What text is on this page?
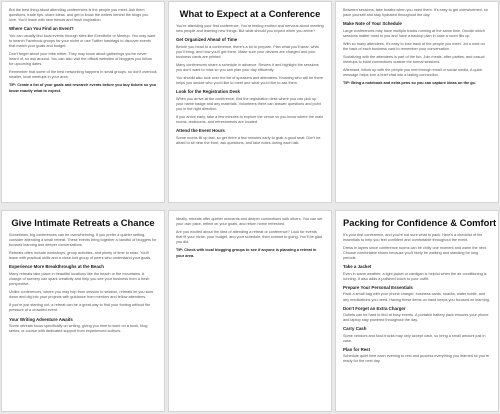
But the best thing about attending conferences is the people you meet. Ask them questions, trade tips, share ideas, and get to know the writers behind the blogs you love. You'll leave with new friends and fresh inspiration.
Where Can You Find an Event?
You can usually find local events through sites like Eventbrite or Meetup. You may want to search Facebook groups for your niche or use Twitter hashtags to discover events that match your goals and budget.
Don't forget about your tribe either. They may know about gatherings you've never heard of, so ask around. You can also visit the official websites of bloggers you follow for upcoming dates.
Remember that some of the best networking happens in small groups, so don't overlook smaller, local meetups in your area.
TIP: Create a list of your goals and research events before you buy tickets so you know exactly what to expect.
What to Expect at a Conference
You're attending your first conference. You're feeling excited and nervous about meeting new people and learning new things. But what should you expect when you arrive?
Get Organized Ahead of Time
Before you head to a conference, there's a lot to prepare. Plan what you'll wear, what you'll bring, and how you'll get there. Make sure your devices are charged and your business cards are printed.
Many conferences share a schedule in advance. Review it and highlight the sessions you don't want to miss so you can plan your day efficiently.
You should also look over the list of speakers and attendees. Knowing who will be there helps you decide who you'd like to meet and what you'd like to ask them.
Look for the Registration Desk
When you arrive at the conference, find the registration desk where you can pick up your name badge and any materials. Volunteers there can answer questions and point you in the right direction.
If you arrive early, take a few minutes to explore the venue so you know where the main rooms, restrooms, and refreshments are located.
Attend the Event Hours
Some rooms fill up fast, so get there a few minutes early to grab a good seat. Don't be afraid to sit near the front, ask questions, and take notes during each talk.
Between sessions, take breaks when you need them. It's easy to get overwhelmed, so pace yourself and stay hydrated throughout the day.
Make Note of Your Schedule
Large conferences may have multiple tracks running at the same time. Decide which sessions matter most to you and have a backup plan in case a room fills up.
With so many attendees, it's easy to lose track of the people you meet. Jot a note on the back of each business card to remember your conversation.
Socializing with the attendees is part of the fun. Join meals, after-parties, and casual meetups to build connections outside the formal sessions.
Afterward, follow up with the people you met through email or social media. A quick message helps turn a brief chat into a lasting connection.
TIP: Bring a notebook and extra pens so you can capture ideas on the go.
Give Intimate Retreats a Chance
Sometimes, big conferences can be overwhelming. If you prefer a quieter setting, consider attending a small retreat. These events bring together a handful of bloggers for focused learning and deeper conversations.
Retreats often include workshops, group activities, and plenty of time to relax. You'll leave with practical skills and a close-knit group of peers who understand your goals.
Experience More Breakthroughs at the Beach
Many retreats take place in beautiful locations like the beach or the mountains. A change of scenery can spark creativity and help you see your business from a fresh perspective.
Unlike conferences, where you may hop from session to session, retreats let you slow down and dig into your projects with guidance from mentors and fellow attendees.
If you're just starting out, a retreat can be a great way to find your footing without the pressure of a crowded event.
Your Writing Adventure Awaits
Some retreats focus specifically on writing, giving you time to work on a book, blog series, or course with dedicated support from experienced authors.
Ideally, retreats offer quieter moments and deeper connections with others. You can set your own pace, reflect on your goals, and return home refreshed.
Are you excited about the idea of attending a retreat or conference? Look for events that fit your niche, your budget, and your schedule, then commit to going. You'll be glad you did.
TIP: Check with local blogging groups to see if anyone is planning a retreat in your area.
Packing for Confidence & Comfort
It's your first conference, and you're not sure what to pack. Here's a checklist of the essentials to help you feel confident and comfortable throughout the event.
Dress in layers since conference rooms can be chilly one moment and warm the next. Choose comfortable shoes because you'll likely be walking and standing for long periods.
Take a Jacket
Even in warm weather, a light jacket or cardigan is helpful when the air conditioning is running. It also adds a polished touch to your outfit.
Prepare Your Personal Essentials
Pack a small bag with your phone charger, business cards, snacks, water bottle, and any medications you need. Having these items on hand keeps you focused on learning.
Don't Forget an Extra Charger
Outlets can be hard to find at busy events. A portable battery pack ensures your phone and laptop stay powered throughout the day.
Carry Cash
Some vendors and food trucks may only accept cash, so bring a small amount just in case.
Plan for Rest
Schedule quiet time each evening to rest and process everything you learned so you're ready for the next day.
